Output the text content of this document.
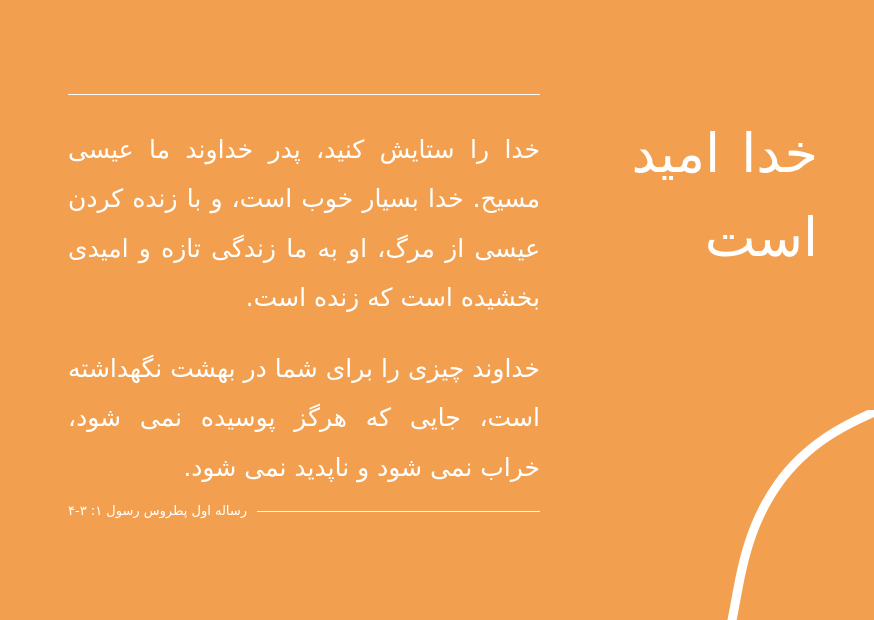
خدا امید
است

خدا را ستایش کنید، پدر خداوند ما عیسی مسیح. خدا بسیار خوب است، و با زنده کردن عیسی از مرگ، او به ما زندگی تازه و امیدی بخشیده است که زنده است.

خداوند چیزی را برای شما در بهشت نگهداشته است، جایی که هرگز پوسیده نمی شود، خراب نمی شود و ناپدید نمی شود.

رساله اول پطروس رسول ۱: ۳-۴
